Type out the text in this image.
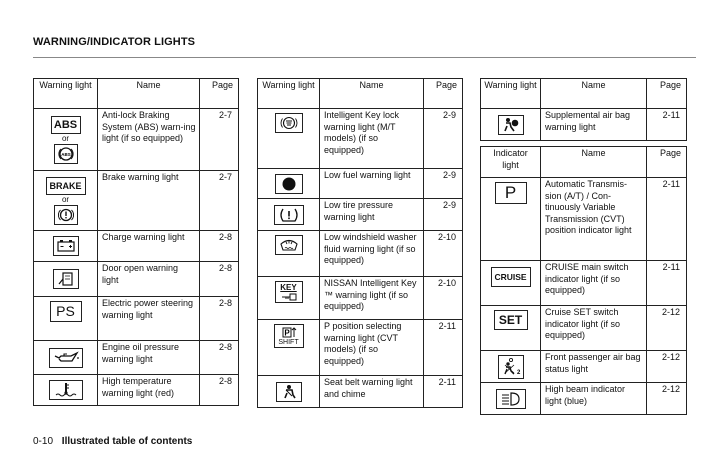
WARNING/INDICATOR LIGHTS
Warning light	Name	Page

ABS
or
ABS	Anti-lock Braking System (ABS) warn-ing light (if so equipped)	2-7

BRAKE
or	Brake warning light	2-7

	Charge warning light	2-8

	Door open warning light	2-8
PS	Electric power steering warning light	2-8

	Engine oil pressure warning light	2-8

	High temperature warning light (red)	2-8
Warning light	Name	Page

	Intelligent Key lock warning light (M/T models) (if so equipped)	2-9

	Low fuel warning light	2-9

	Low tire pressure warning light	2-9

	Low windshield washer fluid warning light (if so equipped)	2-10
KEY	NISSAN Intelligent Key ™ warning light (if so equipped)	2-10

P
SHIFT	P position selecting warning light (CVT models) (if so equipped)	2-11

	Seat belt warning light and chime	2-11
Warning light	Name	Page

	Supplemental air bag warning light	2-11
Indicator light	Name	Page
P	Automatic Transmis-sion (A/T) / Con-tinuously Variable Transmission (CVT) position indicator light	2-11
CRUISE	CRUISE main switch indicator light (if so equipped)	2-11
SET	Cruise SET switch indicator light (if so equipped)	2-12

2	Front passenger air bag status light	2-12

	High beam indicator light (blue)	2-12
0-10 Illustrated table of contents
